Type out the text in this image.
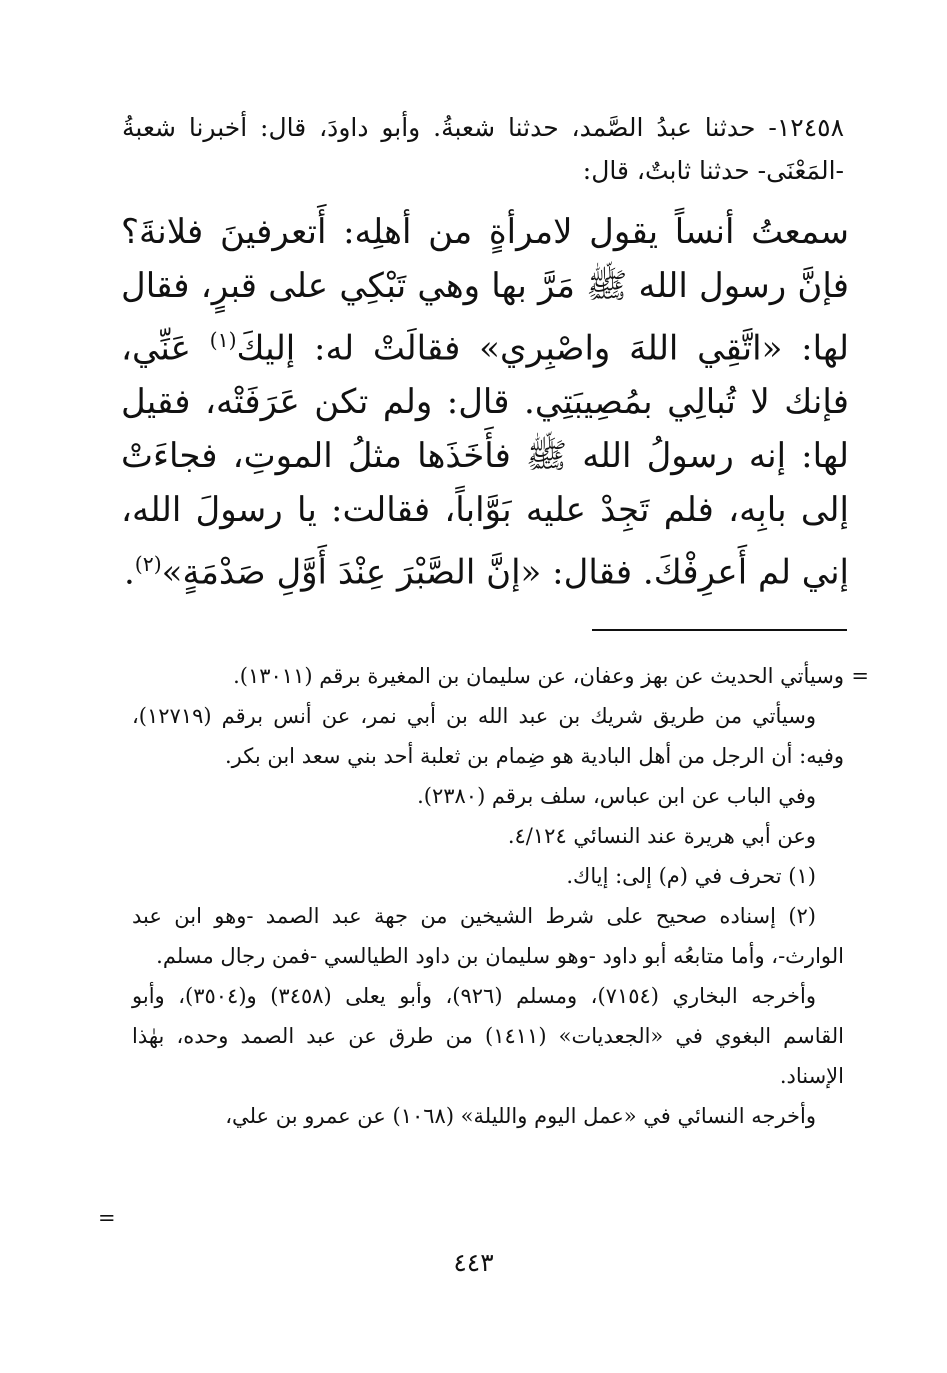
١٢٤٥٨- حدثنا عبدُ الصَّمد، حدثنا شعبةُ. وأبو داودَ، قال: أخبرنا شعبةُ -المَعْنَى- حدثنا ثابتٌ، قال:

سمعتُ أنساً يقول لامرأةٍ من أهلِه: أَتعرفينَ فلانةَ؟ فإنَّ رسول الله ﷺ مَرَّ بها وهي تَبْكِي على قبرٍ، فقال لها: «اتَّقِي اللهَ واصْبِري» فقالَتْ له: إليكَ$^{(١)}$ عَنِّي، فإنك لا تُبالِي بمُصِيبَتِي. قال: ولم تكن عَرَفَتْه، فقيل لها: إنه رسولُ الله ﷺ فأَخَذَها مثلُ الموتِ، فجاءَتْ إلى بابِه، فلم تَجِدْ عليه بَوَّاباً، فقالت: يا رسولَ الله، إني لم أَعرِفْكَ. فقال: «إنَّ الصَّبْرَ عِنْدَ أَوَّلِ صَدْمَةٍ»$^{(٢)}$.

=

وسيأتي الحديث عن بهز وعفان، عن سليمان بن المغيرة برقم (١٣٠١١).

وسيأتي من طريق شريك بن عبد الله بن أبي نمر، عن أنس برقم (١٢٧١٩)، وفيه: أن الرجل من أهل البادية هو ضِمام بن ثعلبة أحد بني سعد ابن بكر.

وفي الباب عن ابن عباس، سلف برقم (٢٣٨٠).

وعن أبي هريرة عند النسائي ٤/١٢٤.

(١) تحرف في (م) إلى: إياك.

(٢) إسناده صحيح على شرط الشيخين من جهة عبد الصمد -وهو ابن عبد الوارث-، وأما متابعُه أبو داود -وهو سليمان بن داود الطيالسي -فمن رجال مسلم.

وأخرجه البخاري (٧١٥٤)، ومسلم (٩٢٦)، وأبو يعلى (٣٤٥٨) و(٣٥٠٤)، وأبو القاسم البغوي في «الجعديات» (١٤١١) من طرق عن عبد الصمد وحده، بهٰذا الإسناد.

وأخرجه النسائي في «عمل اليوم والليلة» (١٠٦٨) عن عمرو بن علي،

=
٤٤٣
